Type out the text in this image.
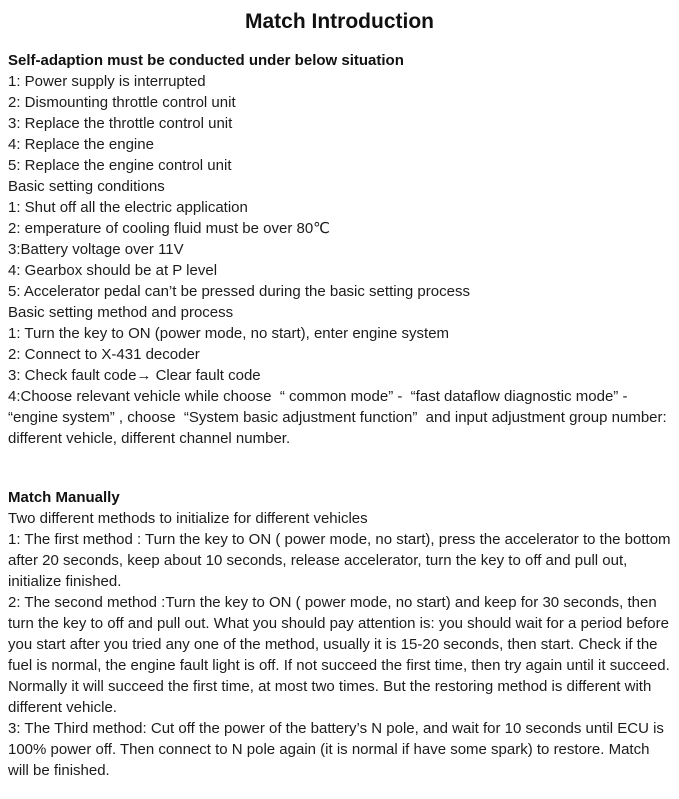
Match Introduction

Self-adaption must be conducted under below situation

1: Power supply is interrupted

2: Dismounting throttle control unit

3: Replace the throttle control unit

4: Replace the engine

5: Replace the engine control unit

Basic setting conditions

1: Shut off all the electric application

2: emperature of cooling fluid must be over 80℃

3:Battery voltage over 11V

4: Gearbox should be at P level

5: Accelerator pedal can’t be pressed during the basic setting process

Basic setting method and process

1: Turn the key to ON (power mode, no start), enter engine system

2: Connect to X-431 decoder

3: Check fault code→ Clear fault code

4:Choose relevant vehicle while choose  “ common mode” -  “fast dataflow diagnostic mode” -  “engine system” , choose  “System basic adjustment function”  and input adjustment group number: different vehicle, different channel number.

Match Manually

Two different methods to initialize for different vehicles

1: The first method : Turn the key to ON ( power mode, no start), press the accelerator to the bottom after 20 seconds, keep about 10 seconds, release accelerator, turn the key to off and pull out, initialize finished.

2: The second method :Turn the key to ON ( power mode, no start) and keep for 30 seconds, then turn the key to off and pull out. What you should pay attention is: you should wait for a period before you start after you tried any one of the method, usually it is 15-20 seconds, then start. Check if the fuel is normal, the engine fault light is off. If not succeed the first time, then try again until it succeed. Normally it will succeed the first time, at most two times. But the restoring method is different with different vehicle.

3: The Third method: Cut off the power of the battery’s N pole, and wait for 10 seconds until ECU is 100% power off. Then connect to N pole again (it is normal if have some spark) to restore. Match will be finished.
